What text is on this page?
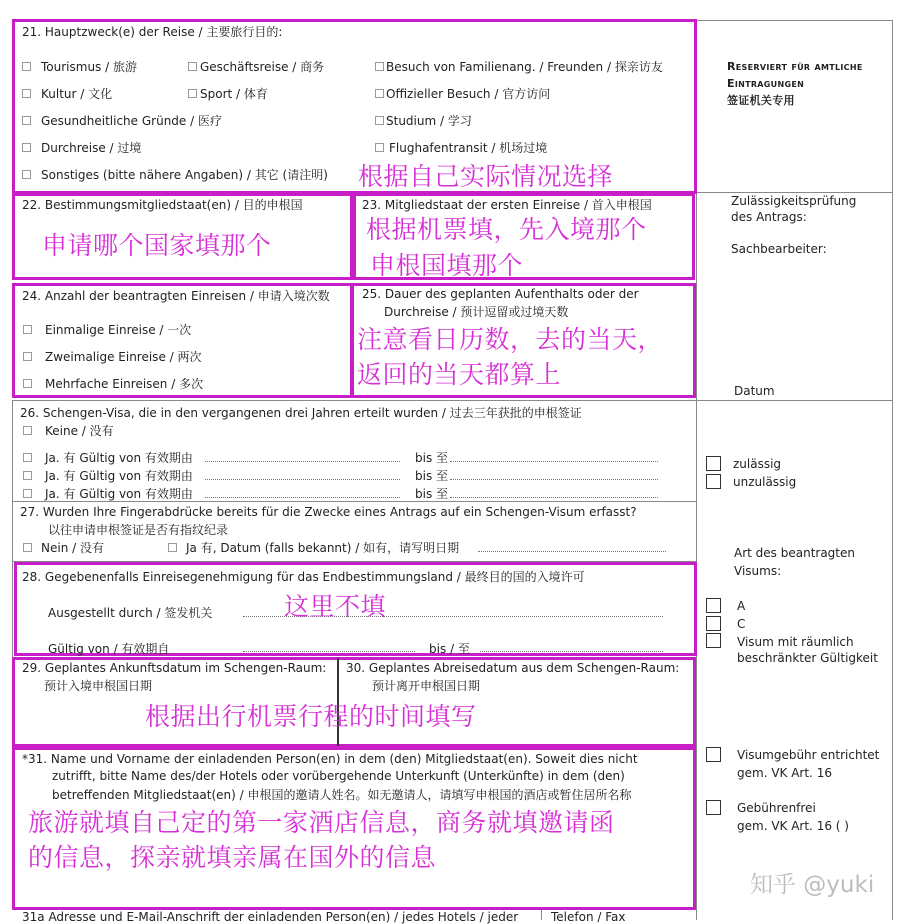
21. Hauptzweck(e) der Reise / 主要旅行目的:
Tourismus / 旅游	Geschäftsreise / 商务	Besuch von Familienang. / Freunden / 探亲访友
Kultur / 文化	Sport / 体育	Offizieller Besuch / 官方访问
Gesundheitliche Gründe / 医疗	Studium / 学习
Durchreise / 过境	Flughafentransit / 机场过境
Sonstiges (bitte nähere Angaben) / 其它 (请注明) 根据自己实际情况选择
Reserviert für amtliche
Eintragungen
签证机关专用
Zulässigkeitsprüfung
des Antrags:
Sachbearbeiter:
Datum
zulässig
unzulässig
Art des beantragten
Visums:
A
C
Visum mit räumlich
beschränkter Gültigkeit
Visumgebühr entrichtet
gem. VK Art. 16
Gebührenfrei
gem. VK Art. 16 ( )
知乎 @yuki
22. Bestimmungsmitgliedstaat(en) / 目的申根国
申请哪个国家填那个
23. Mitgliedstaat der ersten Einreise / 首入申根国
根据机票填，先入境那个
申根国填那个
24. Anzahl der beantragten Einreisen / 申请入境次数
Einmalige Einreise / 一次
Zweimalige Einreise / 两次
Mehrfache Einreisen / 多次
25. Dauer des geplanten Aufenthalts oder der
Durchreise / 预计逗留或过境天数
注意看日历数，去的当天，
返回的当天都算上
26. Schengen-Visa, die in den vergangenen drei Jahren erteilt wurden / 过去三年获批的申根签证
Keine / 没有
Ja. 有 Gültig von 有效期由	bis 至
Ja. 有 Gültig von 有效期由	bis 至
Ja. 有 Gültig von 有效期由	bis 至
27. Wurden Ihre Fingerabdrücke bereits für die Zwecke eines Antrags auf ein Schengen-Visum erfasst?
以往申请申根签证是否有指纹纪录
Nein / 没有	Ja 有, Datum (falls bekannt) / 如有，请写明日期
28. Gegebenenfalls Einreisegenehmigung für das Endbestimmungsland / 最终目的国的入境许可
Ausgestellt durch / 签发机关	这里不填
Gültig von / 有效期自	bis / 至
29. Geplantes Ankunftsdatum im Schengen-Raum:
预计入境申根国日期
30. Geplantes Abreisedatum aus dem Schengen-Raum:
预计离开申根国日期
根据出行机票行程的时间填写
*31. Name und Vorname der einladenden Person(en) in dem (den) Mitgliedstaat(en). Soweit dies nicht
zutrifft, bitte Name des/der Hotels oder vorübergehende Unterkunft (Unterkünfte) in dem (den)
betreffenden Mitgliedstaat(en) / 申根国的邀请人姓名。如无邀请人，请填写申根国的酒店或暂住居所名称
旅游就填自己定的第一家酒店信息，商务就填邀请函
的信息，探亲就填亲属在国外的信息
31a Adresse und E-Mail-Anschrift der einladenden Person(en) / jedes Hotels / jeder	Telefon / Fax
